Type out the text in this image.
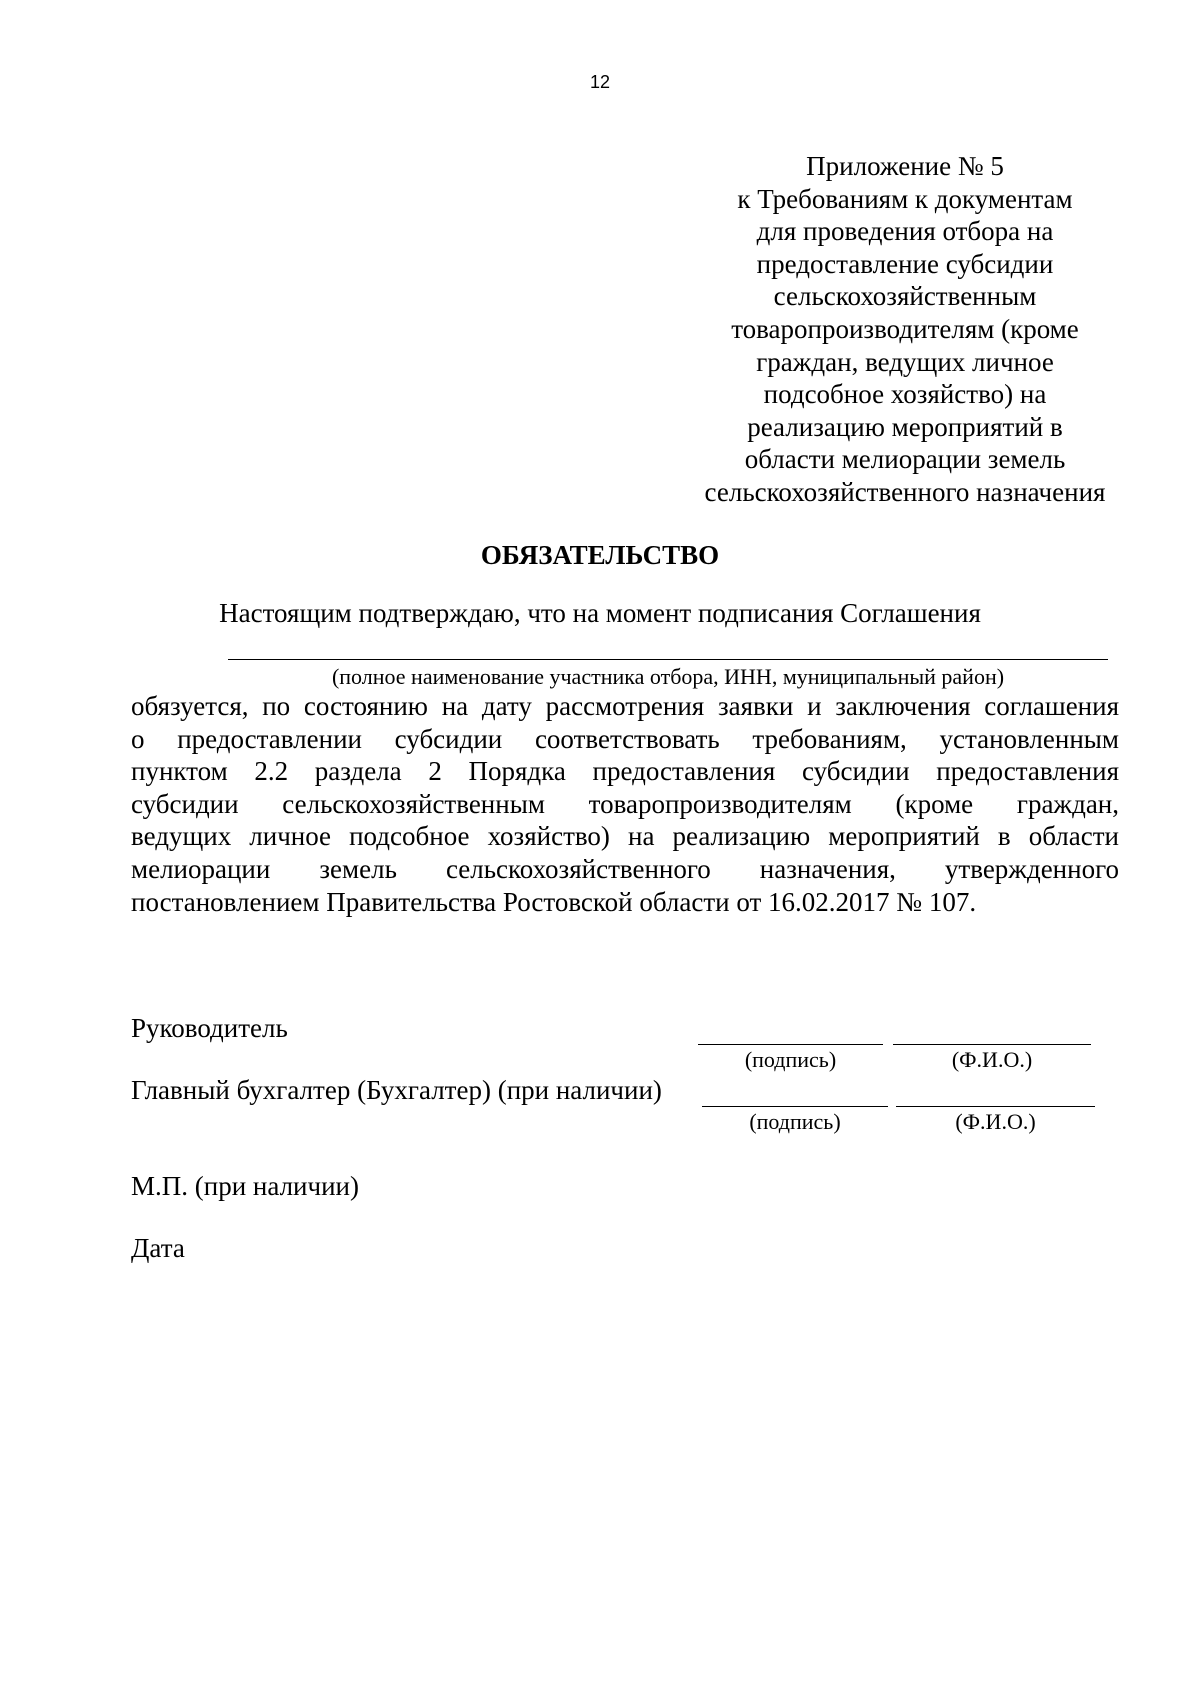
12
Приложение № 5
к Требованиям к документам
для проведения отбора на
предоставление субсидии
сельскохозяйственным
товаропроизводителям (кроме
граждан, ведущих личное
подсобное хозяйство) на
реализацию мероприятий в
области мелиорации земель
сельскохозяйственного назначения
ОБЯЗАТЕЛЬСТВО
Настоящим подтверждаю, что на момент подписания Соглашения
(полное наименование участника отбора, ИНН, муниципальный район)
обязуется, по состоянию на дату рассмотрения заявки и заключения соглашения
о предоставлении субсидии соответствовать требованиям, установленным
пунктом 2.2 раздела 2 Порядка предоставления субсидии предоставления
субсидии сельскохозяйственным товаропроизводителям (кроме граждан,
ведущих личное подсобное хозяйство) на реализацию мероприятий в области
мелиорации земель сельскохозяйственного назначения, утвержденного
постановлением Правительства Ростовской области от 16.02.2017 № 107.
Руководитель
(подпись)	(Ф.И.О.)
Главный бухгалтер (Бухгалтер) (при наличии)
(подпись)	(Ф.И.О.)
М.П. (при наличии)
Дата
